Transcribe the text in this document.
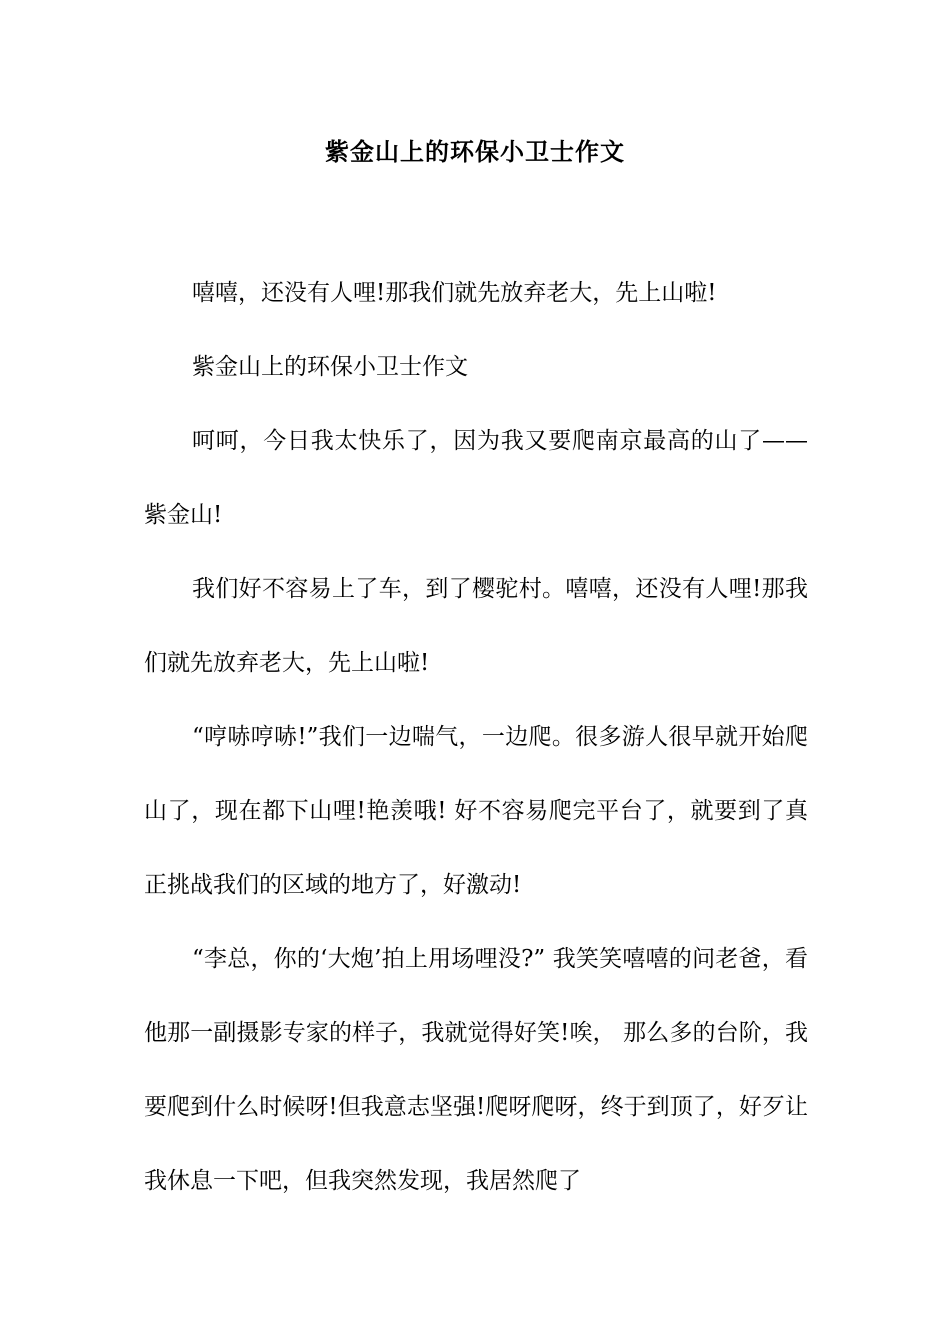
紫金山上的环保小卫士作文

嘻嘻，还没有人哩!那我们就先放弃老大，先上山啦!

紫金山上的环保小卫士作文

呵呵，今日我太快乐了，因为我又要爬南京最高的山了——紫金山!

我们好不容易上了车，到了樱驼村。嘻嘻，还没有人哩!那我们就先放弃老大，先上山啦!

“哼哧哼哧!”我们一边喘气，一边爬。很多游人很早就开始爬山了，现在都下山哩!艳羡哦! 好不容易爬完平台了，就要到了真正挑战我们的区域的地方了，好激动!

“李总，你的‘大炮’拍上用场哩没?” 我笑笑嘻嘻的问老爸，看他那一副摄影专家的样子，我就觉得好笑!唉， 那么多的台阶，我要爬到什么时候呀!但我意志坚强!爬呀爬呀，终于到顶了，好歹让我休息一下吧，但我突然发现，我居然爬了
